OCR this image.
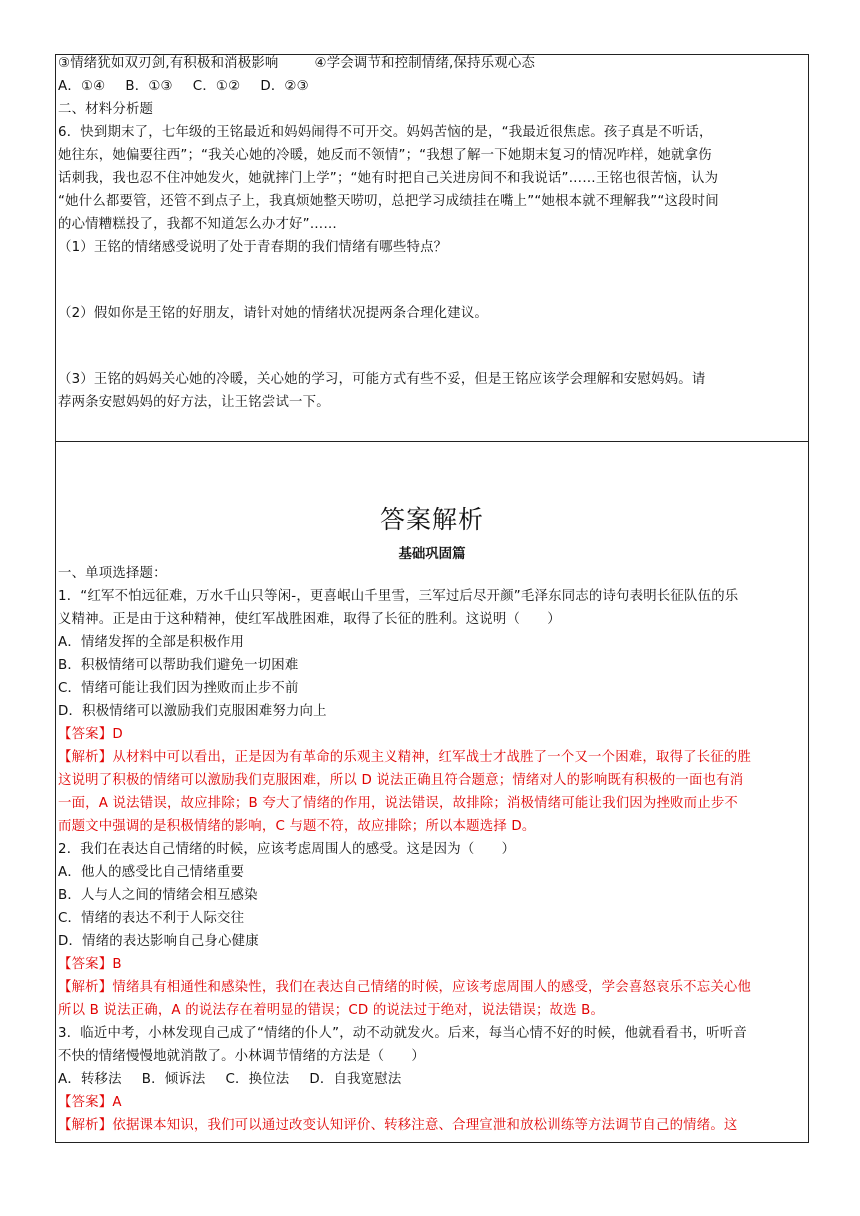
③情绪犹如双刃剑,有积极和消极影响	④学会调节和控制情绪,保持乐观心态
A．①④ B．①③ C．①② D．②③
二、材料分析题
6．快到期末了，七年级的王铭最近和妈妈闹得不可开交。妈妈苦恼的是，“我最近很焦虑。孩子真是不听话，
她往东，她偏要往西”；“我关心她的冷暖，她反而不领情”；“我想了解一下她期末复习的情况咋样，她就拿伤
话刺我，我也忍不住冲她发火，她就摔门上学”；“她有时把自己关进房间不和我说话”……王铭也很苦恼，认为
“她什么都要管，还管不到点子上，我真烦她整天唠叨，总把学习成绩挂在嘴上”“她根本就不理解我”“这段时间
的心情糟糕投了，我都不知道怎么办才好”……
（1）王铭的情绪感受说明了处于青春期的我们情绪有哪些特点？
（2）假如你是王铭的好朋友，请针对她的情绪状况提两条合理化建议。
（3）王铭的妈妈关心她的冷暖，关心她的学习，可能方式有些不妥，但是王铭应该学会理解和安慰妈妈。请
荐两条安慰妈妈的好方法，让王铭尝试一下。
答案解析
基础巩固篇
一、单项选择题：
1．“红军不怕远征难，万水千山只等闲-，更喜岷山千里雪，三军过后尽开颜”毛泽东同志的诗句表明长征队伍的乐
义精神。正是由于这种精神，使红军战胜困难，取得了长征的胜利。这说明（　　）
A．情绪发挥的全部是积极作用
B．积极情绪可以帮助我们避免一切困难
C．情绪可能让我们因为挫败而止步不前
D．积极情绪可以激励我们克服困难努力向上
【答案】D
【解析】从材料中可以看出，正是因为有革命的乐观主义精神，红军战士才战胜了一个又一个困难，取得了长征的胜
这说明了积极的情绪可以激励我们克服困难，所以 D 说法正确且符合题意；情绪对人的影响既有积极的一面也有消
一面，A 说法错误，故应排除；B 夸大了情绪的作用，说法错误，故排除；消极情绪可能让我们因为挫败而止步不
而题文中强调的是积极情绪的影响，C 与题不符，故应排除；所以本题选择 D。
2．我们在表达自己情绪的时候，应该考虑周围人的感受。这是因为（　　）
A．他人的感受比自己情绪重要
B．人与人之间的情绪会相互感染
C．情绪的表达不利于人际交往
D．情绪的表达影响自己身心健康
【答案】B
【解析】情绪具有相通性和感染性，我们在表达自己情绪的时候，应该考虑周围人的感受，学会喜怒哀乐不忘关心他
所以 B 说法正确，A 的说法存在着明显的错误；CD 的说法过于绝对，说法错误；故选 B。
3．临近中考，小林发现自己成了“情绪的仆人”，动不动就发火。后来，每当心情不好的时候，他就看看书，听听音
不快的情绪慢慢地就消散了。小林调节情绪的方法是（　　）
A．转移法 B．倾诉法 C．换位法 D．自我宽慰法
【答案】A
【解析】依据课本知识，我们可以通过改变认知评价、转移注意、合理宣泄和放松训练等方法调节自己的情绪。这
